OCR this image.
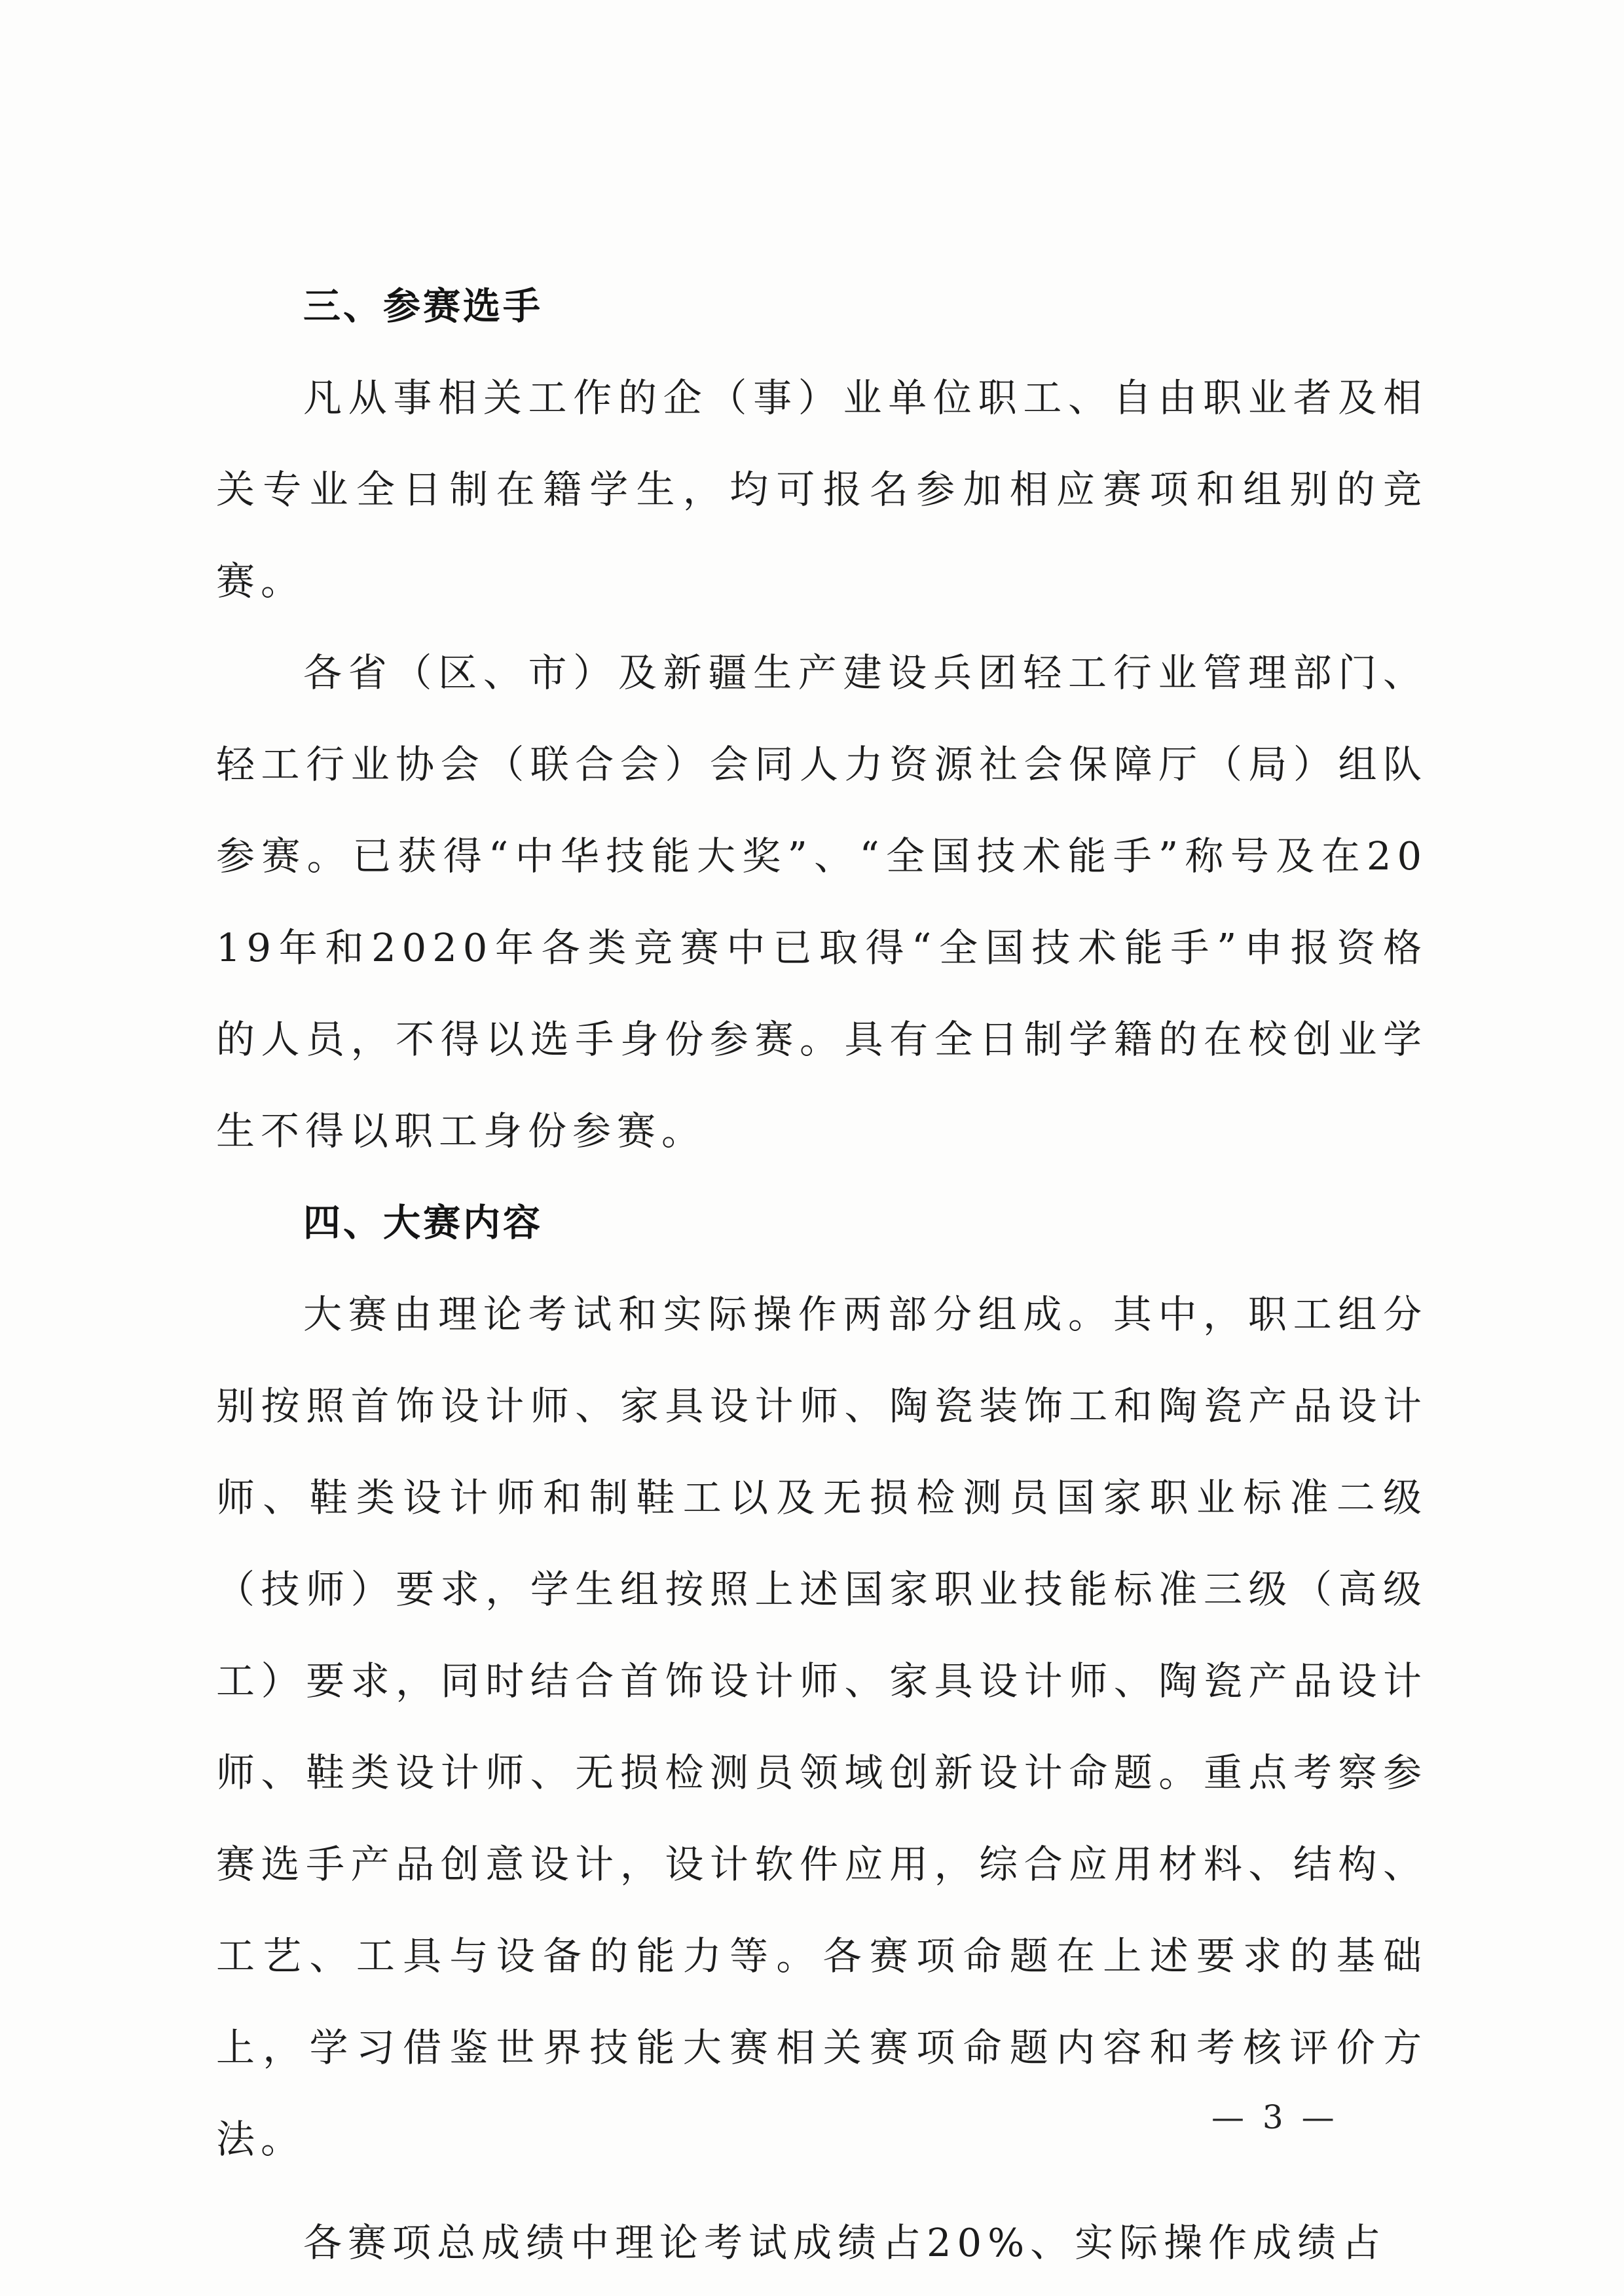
三、参赛选手

凡从事相关工作的企（事）业单位职工、自由职业者及相关专业全日制在籍学生，均可报名参加相应赛项和组别的竞赛。

各省（区、市）及新疆生产建设兵团轻工行业管理部门、轻工行业协会（联合会）会同人力资源社会保障厅（局）组队参赛。已获得“中华技能大奖”、“全国技术能手”称号及在2019年和2020年各类竞赛中已取得“全国技术能手”申报资格的人员，不得以选手身份参赛。具有全日制学籍的在校创业学生不得以职工身份参赛。

四、大赛内容

大赛由理论考试和实际操作两部分组成。其中，职工组分别按照首饰设计师、家具设计师、陶瓷装饰工和陶瓷产品设计师、鞋类设计师和制鞋工以及无损检测员国家职业标准二级（技师）要求，学生组按照上述国家职业技能标准三级（高级工）要求，同时结合首饰设计师、家具设计师、陶瓷产品设计师、鞋类设计师、无损检测员领域创新设计命题。重点考察参赛选手产品创意设计，设计软件应用，综合应用材料、结构、工艺、工具与设备的能力等。各赛项命题在上述要求的基础上，学习借鉴世界技能大赛相关赛项命题内容和考核评价方法。

各赛项总成绩中理论考试成绩占20%、实际操作成绩占

— 3 —
